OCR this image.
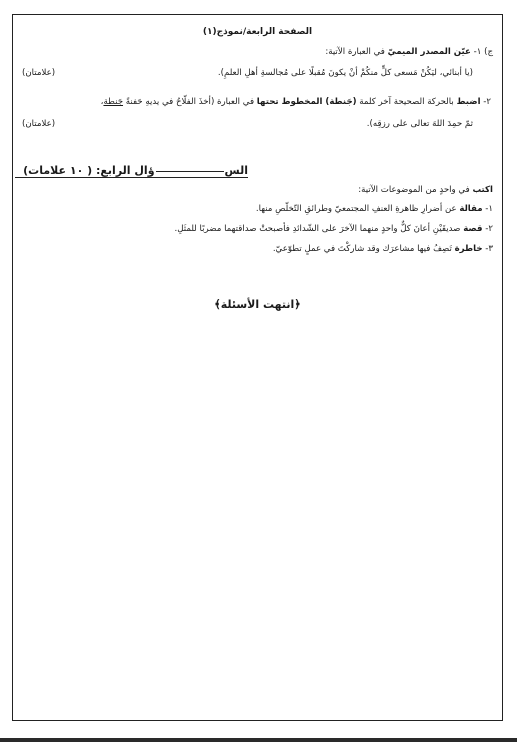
الصفحة الرابعة/نموذج(١)
ج) ١- عيّن المصدر الميميّ في العبارة الآتية:
(يا أبنائي، ليَكُنْ مَسعى كلٍّ منكُمْ أنْ يكونَ مُقبلًا على مُجالسةِ أهلِ العلمِ).
(علامتان)
٢- اضبط بالحركة الصحيحة آخر كلمة (جَنطة) المخطوط تحتها في العبارة (أخذَ الفلّاحُ في يديهِ حَفنةً جَنطة،
ثمّ حمِدَ اللهَ تعالى على رزقِه).
(علامتان)
السؤال الرابع: ( ١٠ علامات)
اكتب في واحدٍ من الموضوعات الآتية:
١- مقالة عن أضرارِ ظاهرةِ العنفِ المجتمعيّ وطرائقِ التّخلّصِ منها.
٢- قصة صديقَيْنِ أعانَ كلٌّ واحدٍ منهما الآخرَ على الشّدائدِ فأصبحتْ صداقتهما مضربًا للمثَلِ.
٣- خاطرة تَصِفُ فيها مشاعرَك وقد شاركْتَ في عملٍ تطوّعيّ.
﴿انتهت الأسئلة﴾
